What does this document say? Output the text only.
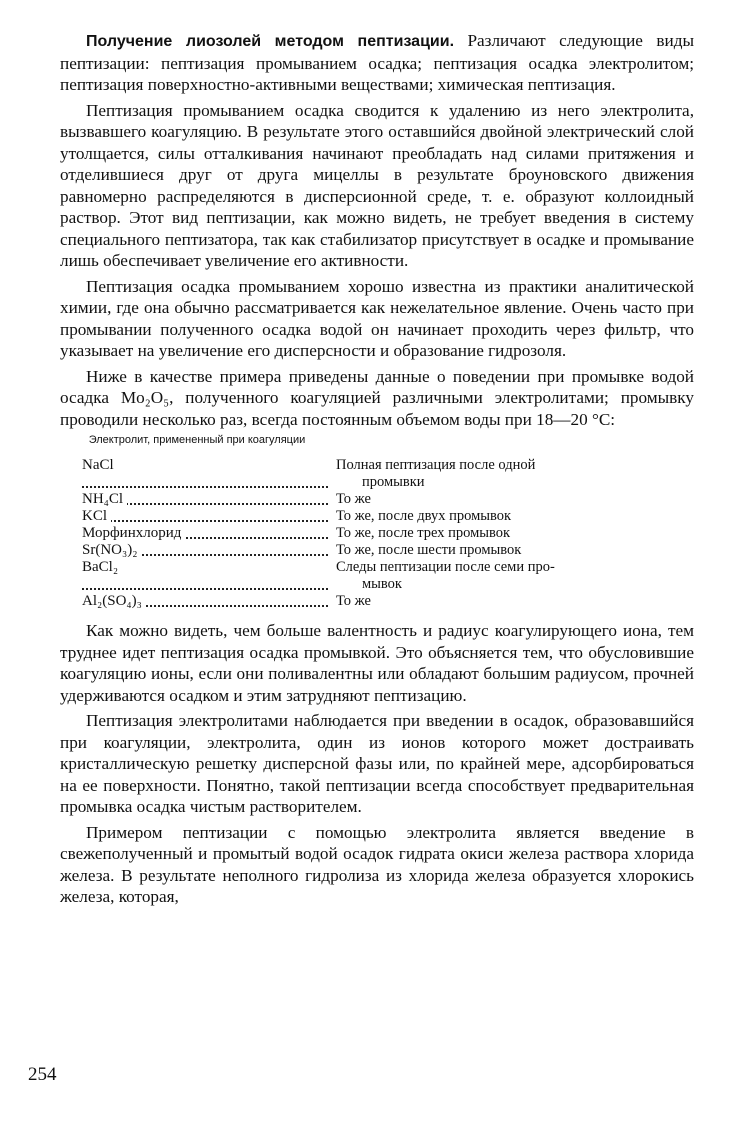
Получение лиозолей методом пептизации. Различают следующие виды пептизации: пептизация промыванием осадка; пептизация осадка электролитом; пептизация поверхностно-активными веществами; химическая пептизация.

Пептизация промыванием осадка сводится к удалению из него электролита, вызвавшего коагуляцию. В результате этого оставшийся двойной электрический слой утолщается, силы отталкивания начинают преобладать над силами притяжения и отделившиеся друг от друга мицеллы в результате броуновского движения равномерно распределяются в дисперсионной среде, т. е. образуют коллоидный раствор. Этот вид пептизации, как можно видеть, не требует введения в систему специального пептизатора, так как стабилизатор присутствует в осадке и промывание лишь обеспечивает увеличение его активности.

Пептизация осадка промыванием хорошо известна из практики аналитической химии, где она обычно рассматривается как нежелательное явление. Очень часто при промывании полученного осадка водой он начинает проходить через фильтр, что указывает на увеличение его дисперсности и образование гидрозоля.

Ниже в качестве примера приведены данные о поведении при промывке водой осадка Mo₂O₅, полученного коагуляцией различными электролитами; промывку проводили несколько раз, всегда постоянным объемом воды при 18—20 °C:

Электролит, примененный при коагуляции
NaCl	Полная пептизация после одной
промывки
NH₄Cl	То же
KCl	То же, после двух промывок
Морфинхлорид	То же, после трех промывок
Sr(NO₃)₂	То же, после шести промывок
BaCl₂	Следы пептизации после семи про-
мывок
Al₂(SO₄)₃	То же

Как можно видеть, чем больше валентность и радиус коагулирующего иона, тем труднее идет пептизация осадка промывкой. Это объясняется тем, что обусловившие коагуляцию ионы, если они поливалентны или обладают большим радиусом, прочней удерживаются осадком и этим затрудняют пептизацию.

Пептизация электролитами наблюдается при введении в осадок, образовавшийся при коагуляции, электролита, один из ионов которого может достраивать кристаллическую решетку дисперсной фазы или, по крайней мере, адсорбироваться на ее поверхности. Понятно, такой пептизации всегда способствует предварительная промывка осадка чистым растворителем.

Примером пептизации с помощью электролита является введение в свежеполученный и промытый водой осадок гидрата окиси железа раствора хлорида железа. В результате неполного гидролиза из хлорида железа образуется хлорокись железа, которая,

254
